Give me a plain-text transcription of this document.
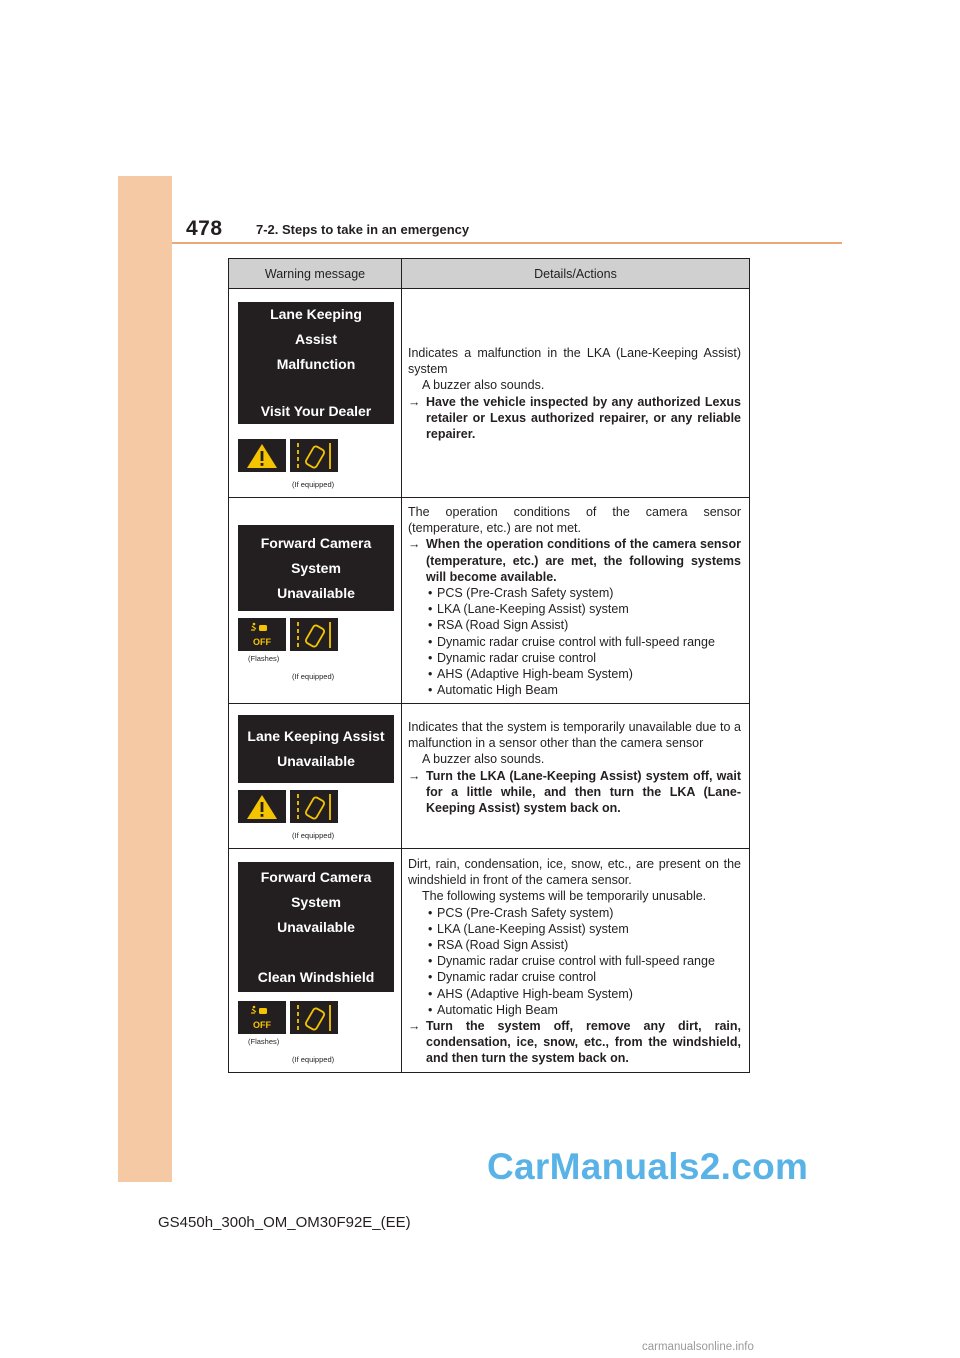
478	7-2. Steps to take in an emergency
Warning message	Details/Actions
Lane Keeping
Assist
Malfunction
Visit Your Dealer
(If equipped)

Indicates a malfunction in the LKA (Lane-Keeping Assist) system

A buzzer also sounds.

→ Have the vehicle inspected by any authorized Lexus retailer or Lexus authorized repairer, or any reliable repairer.
Forward Camera
System
Unavailable
OFF
(Flashes)
(If equipped)

The operation conditions of the camera sensor (temperature, etc.) are not met.

→ When the operation conditions of the camera sensor (temperature, etc.) are met, the following systems will become available.
• PCS (Pre-Crash Safety system)
• LKA (Lane-Keeping Assist) system
• RSA (Road Sign Assist)
• Dynamic radar cruise control with full-speed range
• Dynamic radar cruise control
• AHS (Adaptive High-beam System)
• Automatic High Beam
Lane Keeping Assist
Unavailable
(If equipped)

Indicates that the system is temporarily unavailable due to a malfunction in a sensor other than the camera sensor

A buzzer also sounds.

→ Turn the LKA (Lane-Keeping Assist) system off, wait for a little while, and then turn the LKA (Lane-Keeping Assist) system back on.
Forward Camera
System
Unavailable
Clean Windshield
OFF
(Flashes)
(If equipped)

Dirt, rain, condensation, ice, snow, etc., are present on the windshield in front of the camera sensor.

The following systems will be temporarily unusable.

• PCS (Pre-Crash Safety system)
• LKA (Lane-Keeping Assist) system
• RSA (Road Sign Assist)
• Dynamic radar cruise control with full-speed range
• Dynamic radar cruise control
• AHS (Adaptive High-beam System)
• Automatic High Beam
→ Turn the system off, remove any dirt, rain, condensation, ice, snow, etc., from the windshield, and then turn the system back on.
CarManuals2.com
GS450h_300h_OM_OM30F92E_(EE)
carmanualsonline.info
